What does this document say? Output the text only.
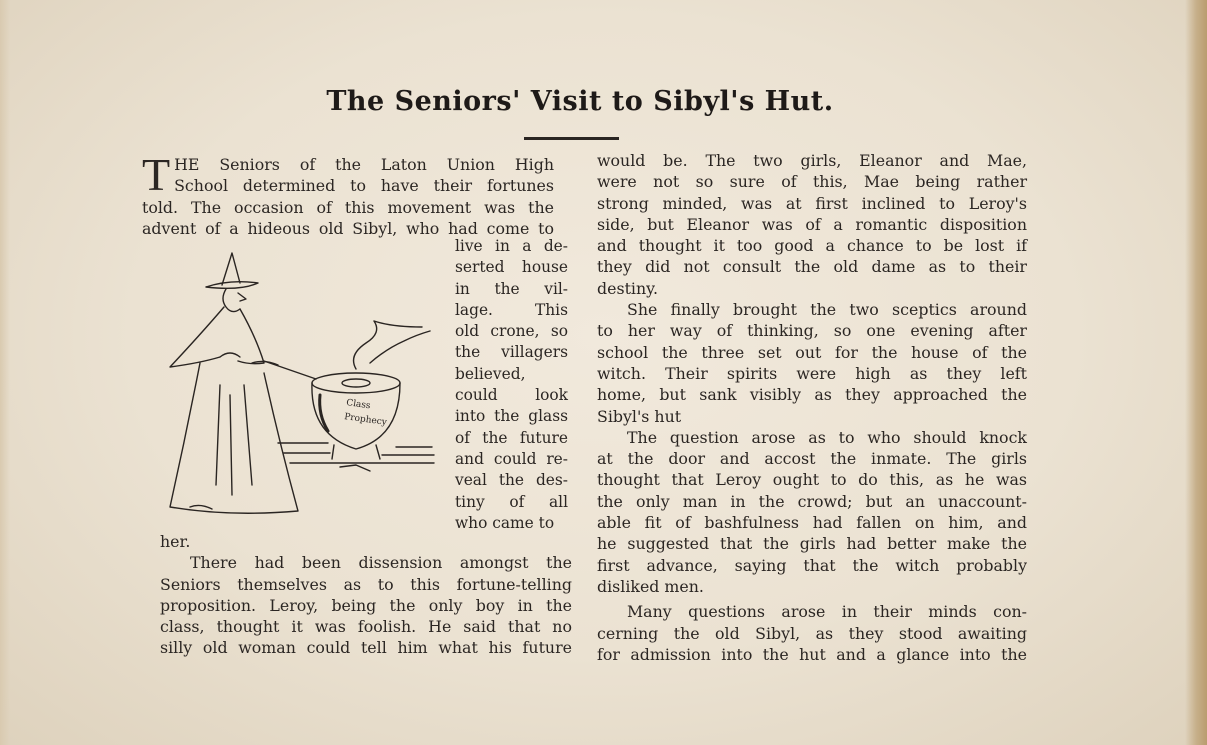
The Seniors' Visit to Sibyl's Hut.

THE Seniors of the Laton Union High

School determined to have their fortunes

told. The occasion of this movement was the

advent of a hideous old Sibyl, who had come to

Class
Prophecy

live in a de-

serted house

in the vil-

lage. This

old crone, so

the villagers

believed,

could look

into the glass

of the future

and could re-

veal the des-

tiny of all

who came to

her.

There had been dissension amongst the

Seniors themselves as to this fortune-telling

proposition. Leroy, being the only boy in the

class, thought it was foolish. He said that no

silly old woman could tell him what his future

would be. The two girls, Eleanor and Mae,

were not so sure of this, Mae being rather

strong minded, was at first inclined to Leroy's

side, but Eleanor was of a romantic disposition

and thought it too good a chance to be lost if

they did not consult the old dame as to their

destiny.

She finally brought the two sceptics around

to her way of thinking, so one evening after

school the three set out for the house of the

witch. Their spirits were high as they left

home, but sank visibly as they approached the

Sibyl's hut

The question arose as to who should knock

at the door and accost the inmate. The girls

thought that Leroy ought to do this, as he was

the only man in the crowd; but an unaccount-

able fit of bashfulness had fallen on him, and

he suggested that the girls had better make the

first advance, saying that the witch probably

disliked men.

Many questions arose in their minds con-

cerning the old Sibyl, as they stood awaiting

for admission into the hut and a glance into the
